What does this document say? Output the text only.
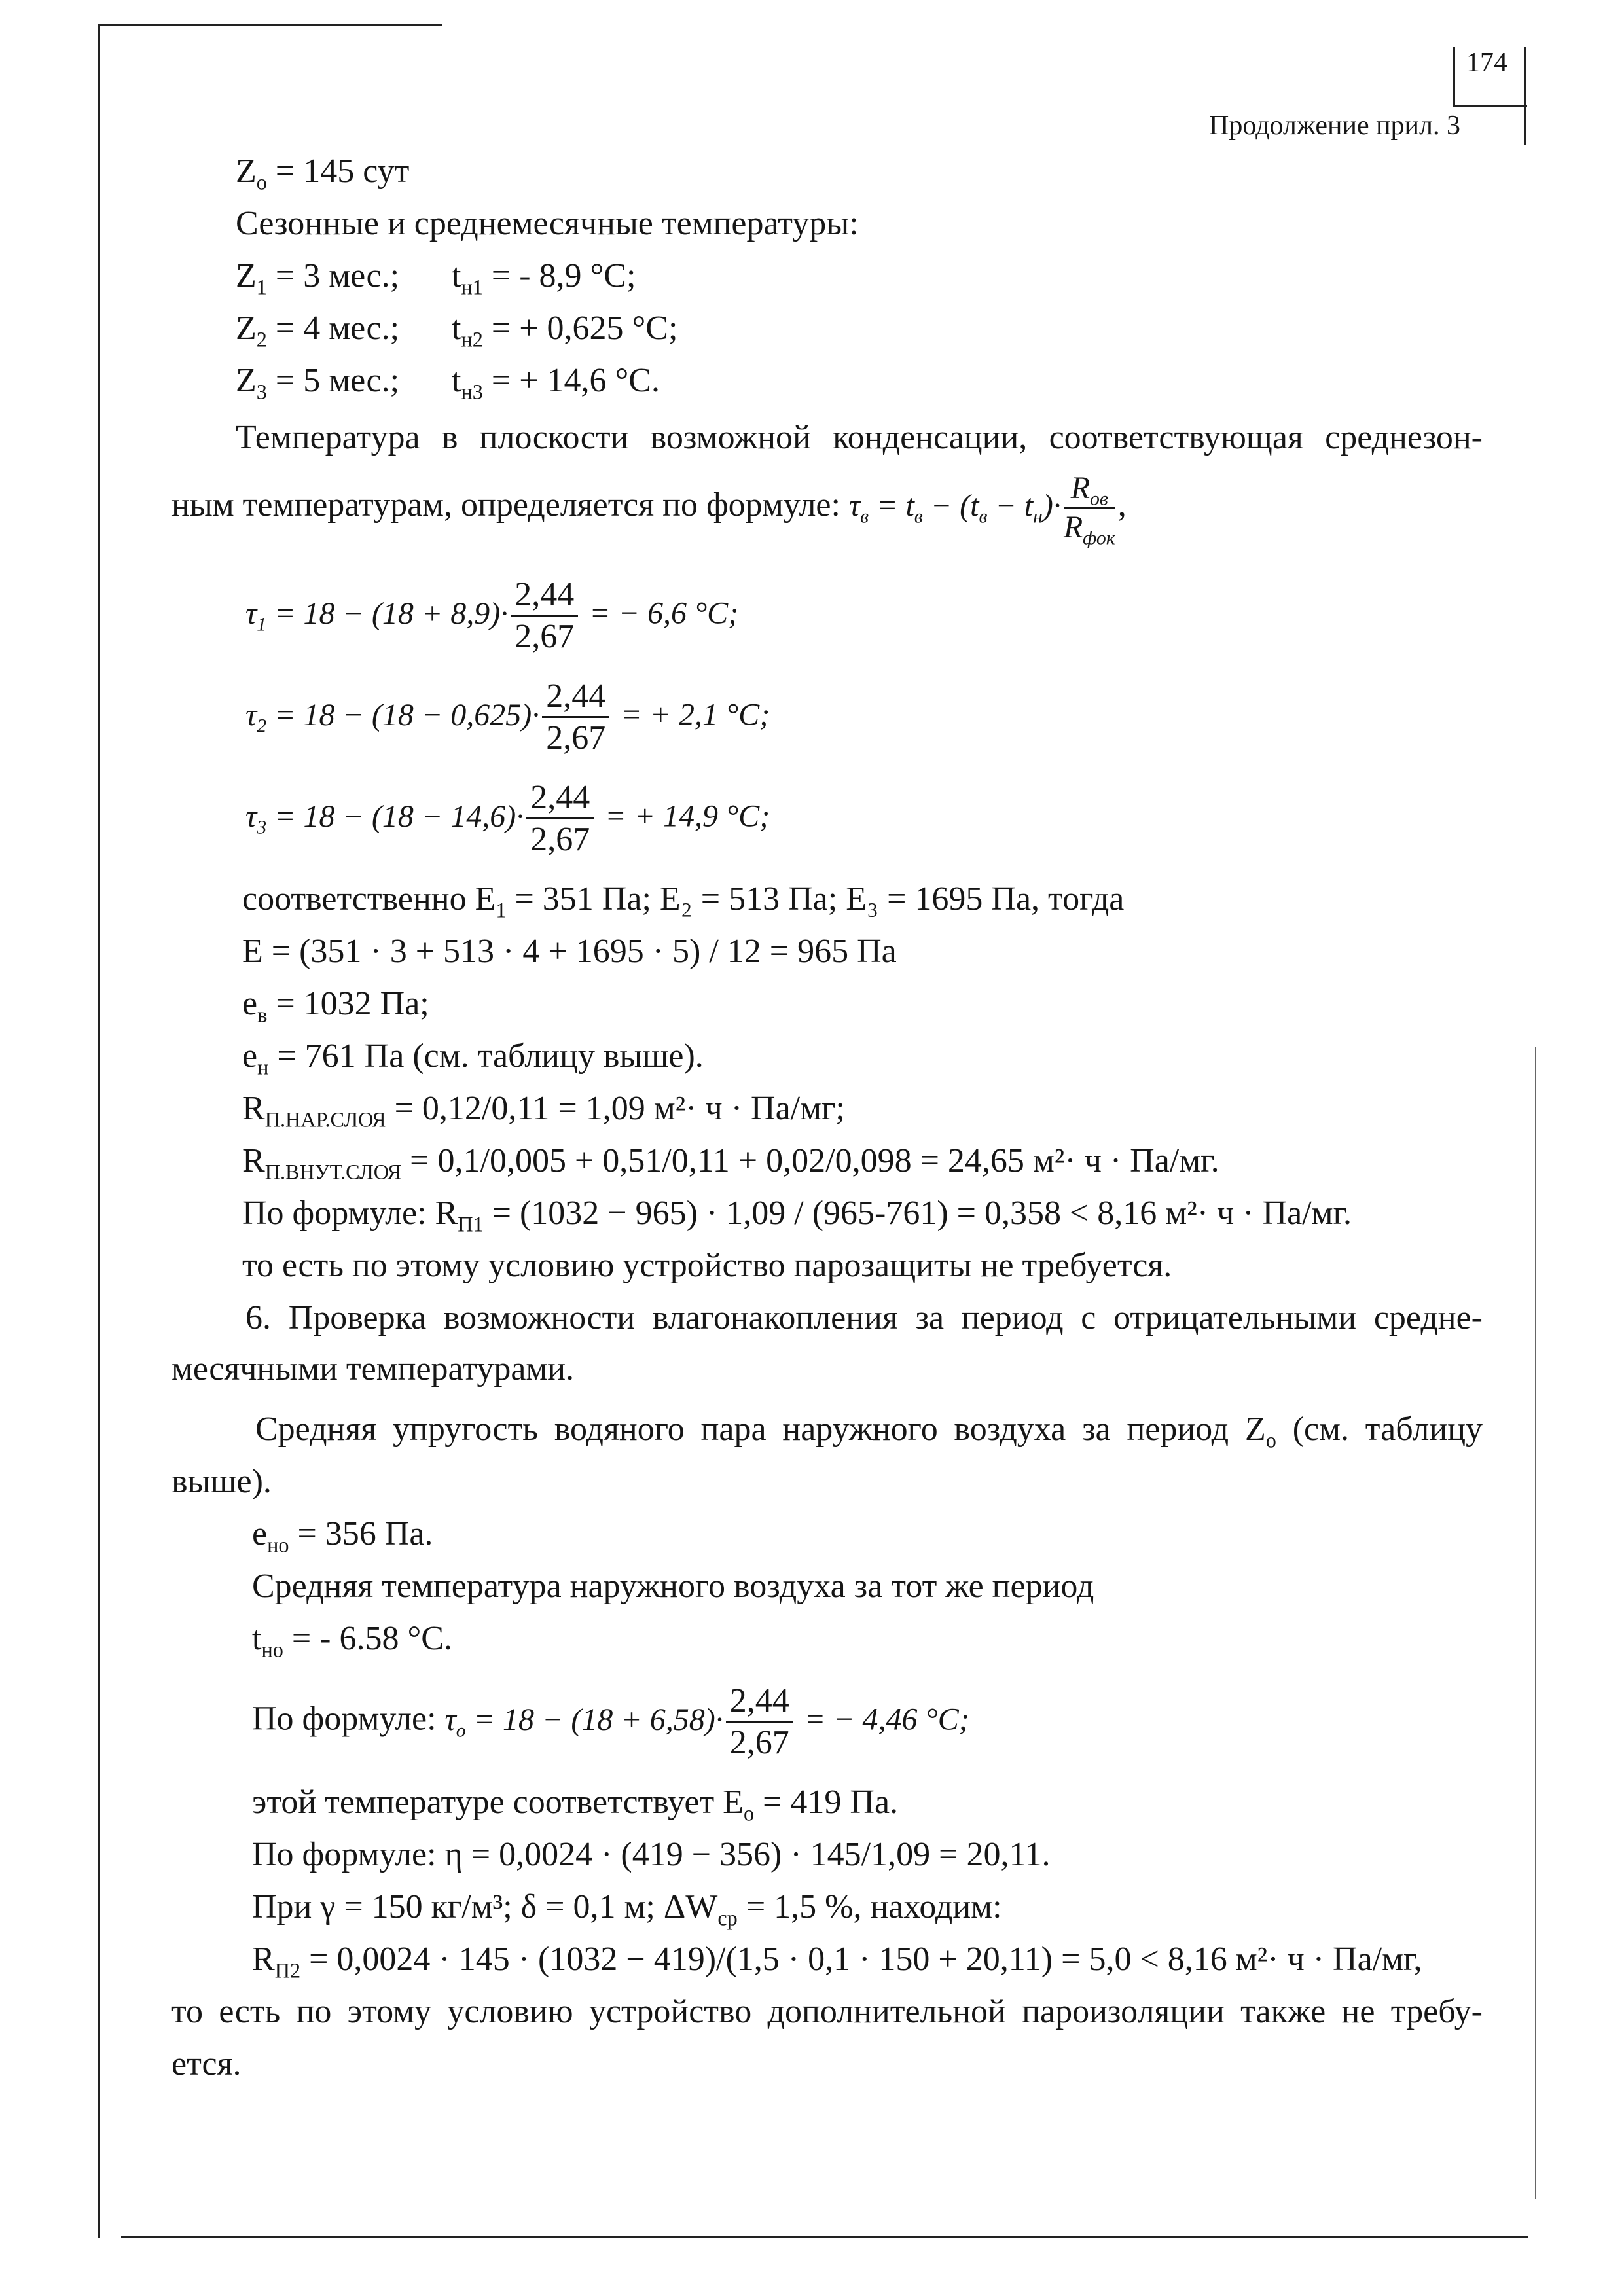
174
Продолжение прил. 3
$Z_о = 145$ сут
Сезонные и среднемесячные температуры:
$Z_1 = 3$ мес.; $t_{н1}$ = - 8,9 °C;
$Z_2 = 4$ мес.; $t_{н2}$ = + 0,625 °C;
$Z_3 = 5$ мес.; $t_{н3}$ = + 14,6 °C.
Температура в плоскости возможной конденсации, соответствующая среднезон-
ным температурам, определяется по формуле: $\tau_в = t_в - (t_в - t_н)\cdot \frac{R_{ов}}{R_{фок}}$ ,
$\tau_1 = 18 - (18 + 8,9)\cdot \frac{2,44}{2,67}$ = − 6,6 °C;
$\tau_2 = 18 - (18 - 0,625)\cdot \frac{2,44}{2,67}$ = + 2,1 °C;
$\tau_3 = 18 - (18 - 14,6)\cdot \frac{2,44}{2,67}$ = + 14,9 °C;
соответственно $E_1 = 351$ Па; E₂ = 513 Па; E₃ = 1695 Па, тогда
E = (351 · 3 + 513 · 4 + 1695 · 5) / 12 = 965 Па
$e_в = 1032$ Па;
$e_н = 761$ Па (см. таблицу выше).
$R_{П.НАР.СЛОЯ} = 0,12/0,11 = 1,09$ м²· ч · Па/мг;
$R_{П.ВНУТ.СЛОЯ} = 0,1/0,005 + 0,51/0,11 + 0,02/0,098 = 24,65$ м²· ч · Па/мг.
По формуле: $R_{П1} = (1032 - 965) \cdot 1,09 / (965-761) = 0,358 < 8,16$ м²· ч · Па/мг.
то есть по этому условию устройство парозащиты не требуется.
6. Проверка возможности влагонакопления за период с отрицательными средне-
месячными температурами.
Средняя упругость водяного пара наружного воздуха за период $Z_о$ (см. таблицу
выше).
$e_{но} = 356$ Па.
Средняя температура наружного воздуха за тот же период
$t_{но}$ = - 6.58 °C.
По формуле: $\tau_о = 18 - (18 + 6,58)\cdot \frac{2,44}{2,67}$ = − 4,46 °C;
этой температуре соответствует $E_о = 419$ Па.
По формуле: η = 0,0024 · (419 − 356) · 145/1,09 = 20,11.
При γ = 150 кг/м³; δ = 0,1 м; $\Delta W_{ср} = 1,5$ %, находим:
$R_{П2} = 0,0024 \cdot 145 \cdot (1032 - 419)/(1,5 \cdot 0,1 \cdot 150 + 20,11) = 5,0 < 8,16$ м²· ч · Па/мг,
то есть по этому условию устройство дополнительной пароизоляции также не требу-
ется.
